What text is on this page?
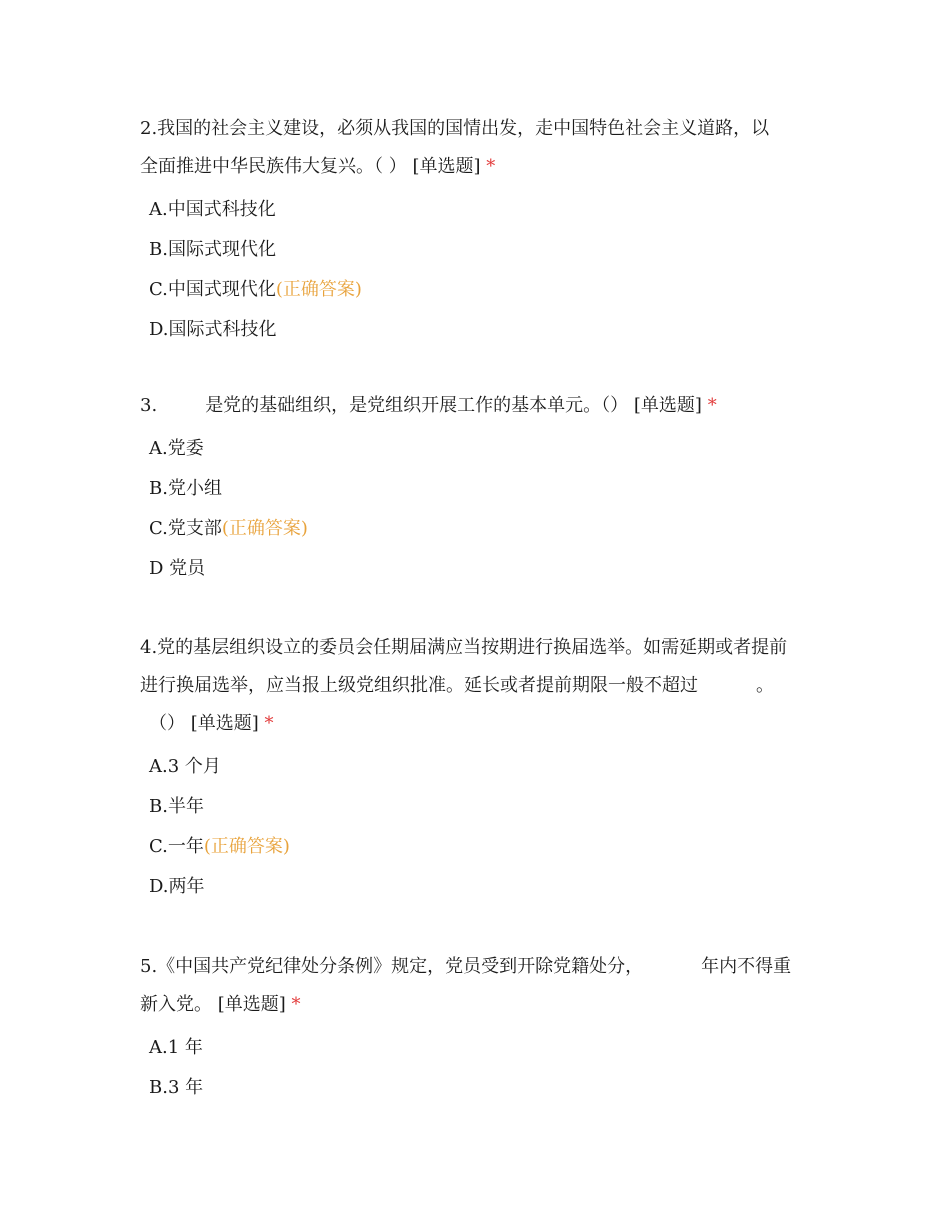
2.我国的社会主义建设，必须从我国的国情出发，走中国特色社会主义道路，以
全面推进中华民族伟大复兴。（ ） [单选题] *
A.中国式科技化
B.国际式现代化
C.中国式现代化(正确答案)
D.国际式科技化
3.	是党的基础组织，是党组织开展工作的基本单元。（） [单选题] *
A.党委
B.党小组
C.党支部(正确答案)
D 党员
4.党的基层组织设立的委员会任期届满应当按期进行换届选举。如需延期或者提前
进行换届选举，应当报上级党组织批准。延长或者提前期限一般不超过	。
（） [单选题] *
A.3 个月
B.半年
C.一年(正确答案)
D.两年
5.《中国共产党纪律处分条例》规定，党员受到开除党籍处分，	年内不得重
新入党。 [单选题] *
A.1 年
B.3 年
